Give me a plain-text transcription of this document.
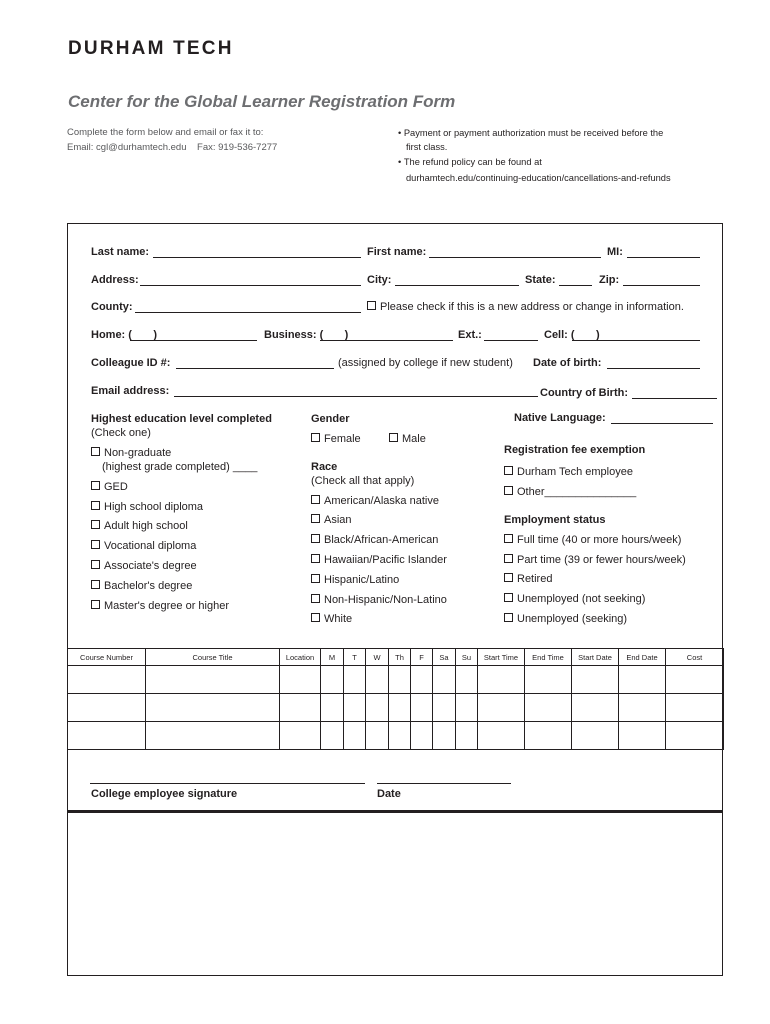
DURHAM TECH
Center for the Global Learner Registration Form
Complete the form below and email or fax it to:
Email: cgl@durhamtech.edu    Fax: 919-536-7277
• Payment or payment authorization must be received before the
first class.
• The refund policy can be found at
durhamtech.edu/continuing-education/cancellations-and-refunds
Last name:	First name:	MI:
Address:	City:	State:	Zip:
County:	Please check if this is a new address or change in information.
Home: (       )	Business: (       )	Ext.:	Cell: (       )
Colleague ID #:	(assigned by college if new student) Date of birth:
Email address:	Country of Birth:
Native Language:
Highest education level completed
(Check one)
Non-graduate
(highest grade completed) ____
GED
High school diploma
Adult high school
Vocational diploma
Associate's degree
Bachelor's degree
Master's degree or higher
Gender
Female	Male
Race
(Check all that apply)
American/Alaska native
Asian
Black/African-American
Hawaiian/Pacific Islander
Hispanic/Latino
Non-Hispanic/Non-Latino
White
Registration fee exemption
Durham Tech employee
Other_______________
Employment status
Full time (40 or more hours/week)
Part time (39 or fewer hours/week)
Retired
Unemployed (not seeking)
Unemployed (seeking)
Course Number	Course Title	Location	M	T	W	Th	F	Sa	Su	Start Time	End Time	Start Date	End Date	Cost

College employee signature	Date
